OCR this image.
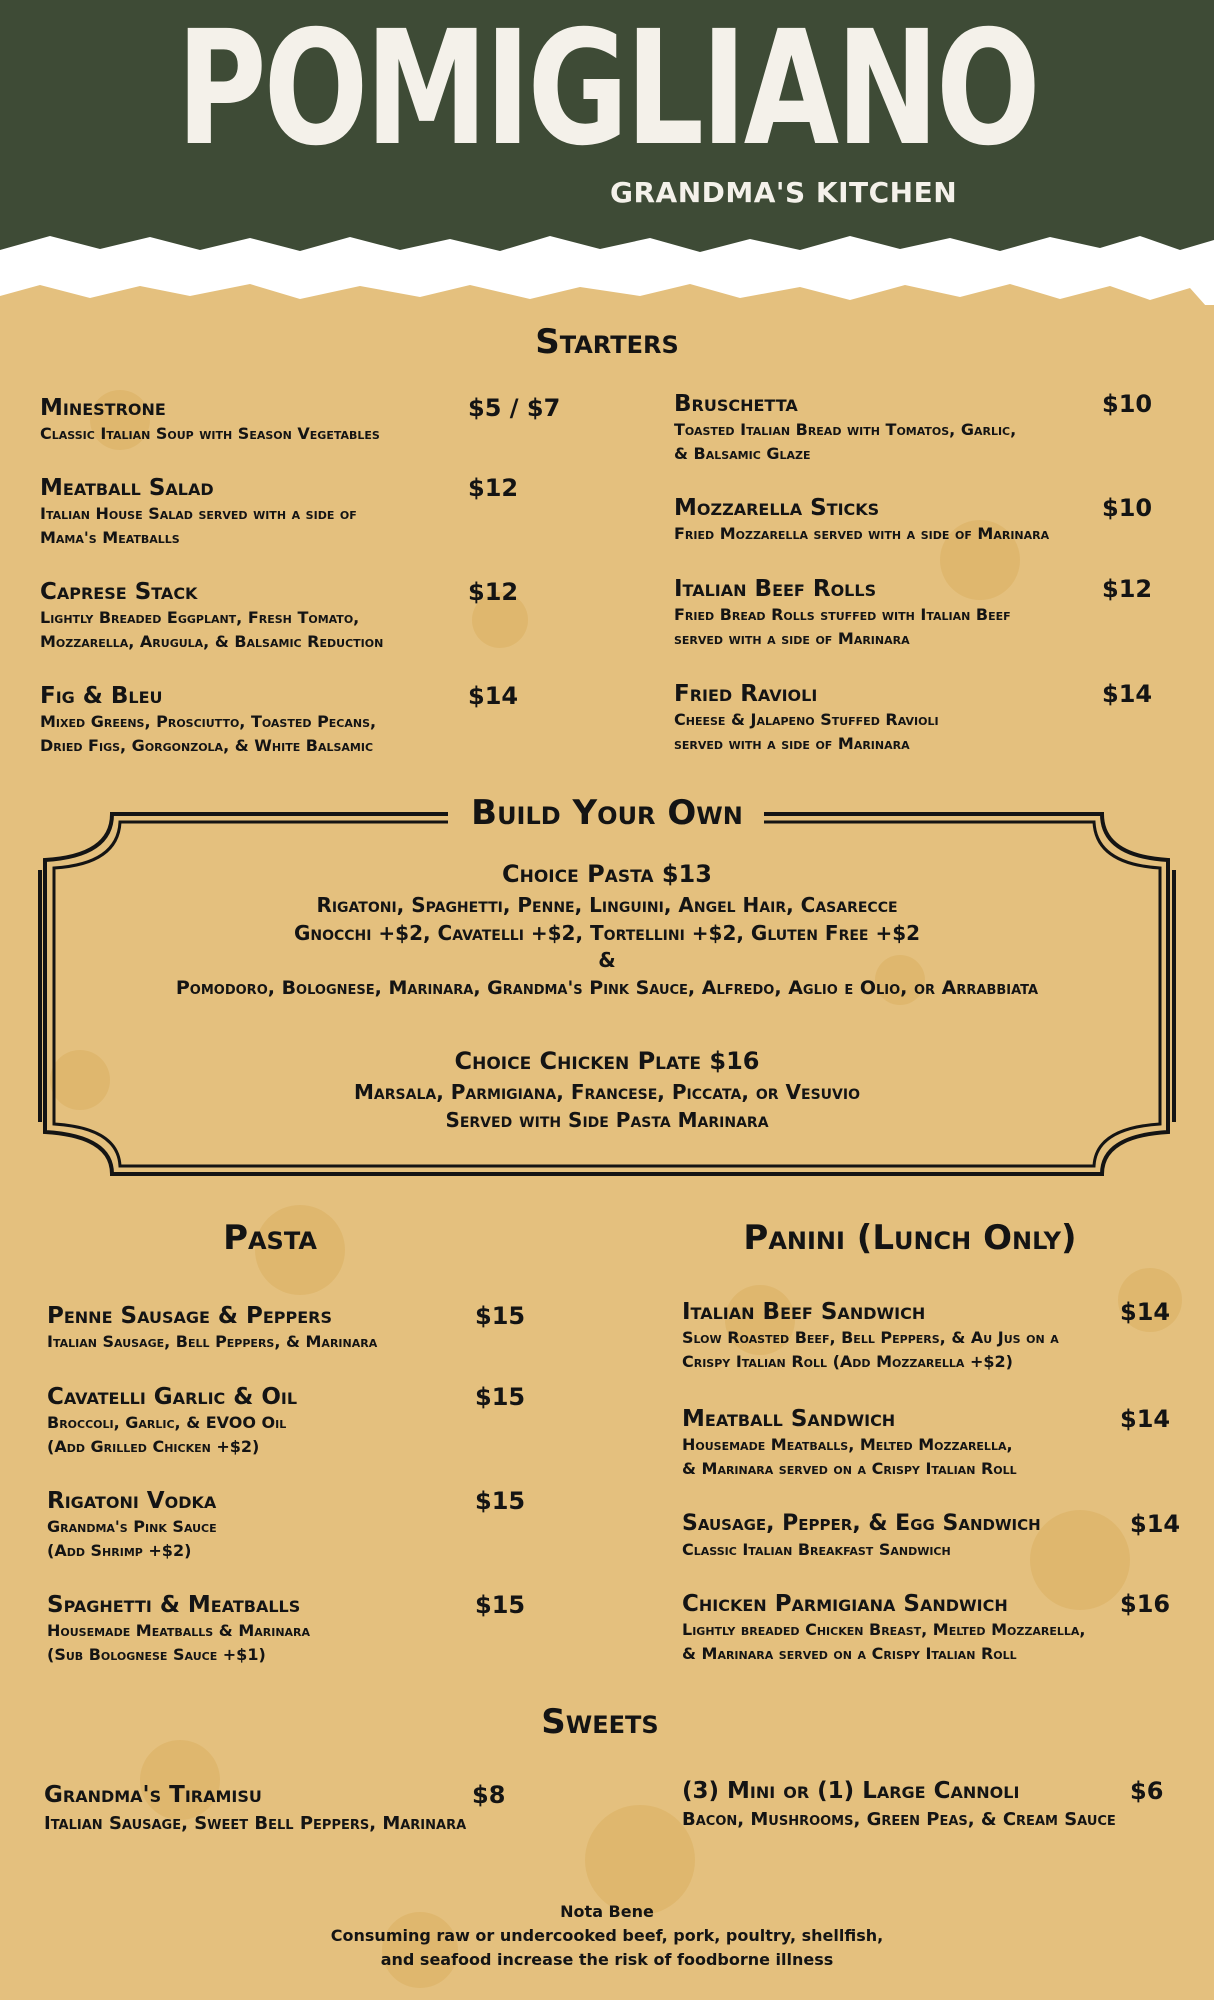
POMIGLIANO
GRANDMA'S KITCHEN
Starters
Minestrone	$5 / $7
Classic Italian Soup with Season Vegetables
Meatball Salad	$12
Italian House Salad served with a side of
Mama's Meatballs
Caprese Stack	$12
Lightly Breaded Eggplant, Fresh Tomato,
Mozzarella, Arugula, & Balsamic Reduction
Fig & Bleu	$14
Mixed Greens, Prosciutto, Toasted Pecans,
Dried Figs, Gorgonzola, & White Balsamic
Bruschetta	$10
Toasted Italian Bread with Tomatos, Garlic,
& Balsamic Glaze
Mozzarella Sticks	$10
Fried Mozzarella served with a side of Marinara
Italian Beef Rolls	$12
Fried Bread Rolls stuffed with Italian Beef
served with a side of Marinara
Fried Ravioli	$14
Cheese & Jalapeno Stuffed Ravioli
served with a side of Marinara
Build Your Own
Choice Pasta $13
Rigatoni, Spaghetti, Penne, Linguini, Angel Hair, Casarecce
Gnocchi +$2, Cavatelli +$2, Tortellini +$2, Gluten Free +$2
&
Pomodoro, Bolognese, Marinara, Grandma's Pink Sauce, Alfredo, Aglio e Olio, or Arrabbiata
Choice Chicken Plate $16
Marsala, Parmigiana, Francese, Piccata, or Vesuvio
Served with Side Pasta Marinara
Pasta
Penne Sausage & Peppers	$15
Italian Sausage, Bell Peppers, & Marinara
Cavatelli Garlic & Oil	$15
Broccoli, Garlic, & EVOO Oil
(Add Grilled Chicken +$2)
Rigatoni Vodka	$15
Grandma's Pink Sauce
(Add Shrimp +$2)
Spaghetti & Meatballs	$15
Housemade Meatballs & Marinara
(Sub Bolognese Sauce +$1)
Panini (Lunch Only)
Italian Beef Sandwich	$14
Slow Roasted Beef, Bell Peppers, & Au Jus on a
Crispy Italian Roll (Add Mozzarella +$2)
Meatball Sandwich	$14
Housemade Meatballs, Melted Mozzarella,
& Marinara served on a Crispy Italian Roll
Sausage, Pepper, & Egg Sandwich	$14
Classic Italian Breakfast Sandwich
Chicken Parmigiana Sandwich	$16
Lightly breaded Chicken Breast, Melted Mozzarella,
& Marinara served on a Crispy Italian Roll
Sweets
Grandma's Tiramisu	$8
Italian Sausage, Sweet Bell Peppers, Marinara
(3) Mini or (1) Large Cannoli	$6
Bacon, Mushrooms, Green Peas, & Cream Sauce
Nota Bene
Consuming raw or undercooked beef, pork, poultry, shellfish,
and seafood increase the risk of foodborne illness
